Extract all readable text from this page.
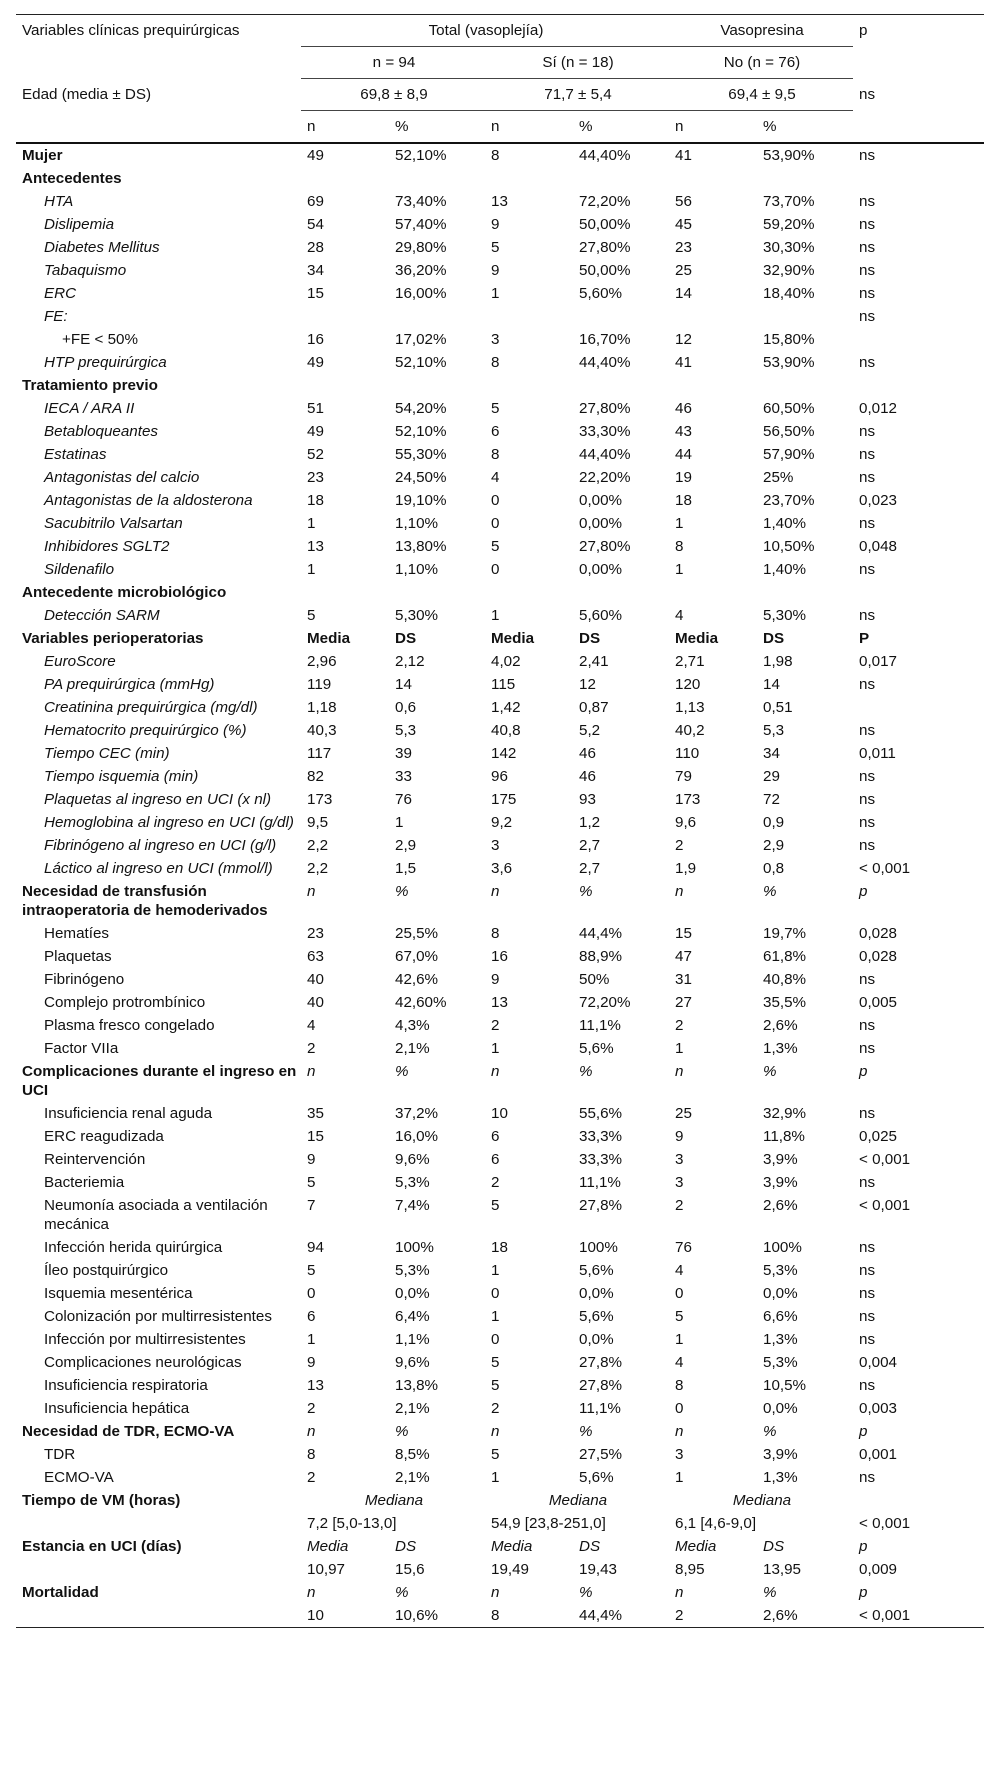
Variables clínicas prequirúrgicas	Total (vasoplejía)				Vasopresina		p
	n = 94		Sí (n = 18)		No (n = 76)		
Edad (media ± DS)	69,8 ± 8,9		71,7 ± 5,4		69,4 ± 9,5		ns
	n	%	n	%	n	%	
Mujer	49	52,10%	8	44,40%	41	53,90%	ns
Antecedentes							
HTA	69	73,40%	13	72,20%	56	73,70%	ns
Dislipemia	54	57,40%	9	50,00%	45	59,20%	ns
Diabetes Mellitus	28	29,80%	5	27,80%	23	30,30%	ns
Tabaquismo	34	36,20%	9	50,00%	25	32,90%	ns
ERC	15	16,00%	1	5,60%	14	18,40%	ns
FE:							ns
+FE < 50%	16	17,02%	3	16,70%	12	15,80%	
HTP prequirúrgica	49	52,10%	8	44,40%	41	53,90%	ns
Tratamiento previo							
IECA / ARA II	51	54,20%	5	27,80%	46	60,50%	0,012
Betabloqueantes	49	52,10%	6	33,30%	43	56,50%	ns
Estatinas	52	55,30%	8	44,40%	44	57,90%	ns
Antagonistas del calcio	23	24,50%	4	22,20%	19	25%	ns
Antagonistas de la aldosterona	18	19,10%	0	0,00%	18	23,70%	0,023
Sacubitrilo Valsartan	1	1,10%	0	0,00%	1	1,40%	ns
Inhibidores SGLT2	13	13,80%	5	27,80%	8	10,50%	0,048
Sildenafilo	1	1,10%	0	0,00%	1	1,40%	ns
Antecedente microbiológico							
Detección SARM	5	5,30%	1	5,60%	4	5,30%	ns
Variables perioperatorias	Media	DS	Media	DS	Media	DS	P
EuroScore	2,96	2,12	4,02	2,41	2,71	1,98	0,017
PA prequirúrgica (mmHg)	119	14	115	12	120	14	ns
Creatinina prequirúrgica (mg/dl)	1,18	0,6	1,42	0,87	1,13	0,51	
Hematocrito prequirúrgico (%)	40,3	5,3	40,8	5,2	40,2	5,3	ns
Tiempo CEC (min)	117	39	142	46	110	34	0,011
Tiempo isquemia (min)	82	33	96	46	79	29	ns
Plaquetas al ingreso en UCI (x nl)	173	76	175	93	173	72	ns
Hemoglobina al ingreso en UCI (g/dl)	9,5	1	9,2	1,2	9,6	0,9	ns
Fibrinógeno al ingreso en UCI (g/l)	2,2	2,9	3	2,7	2	2,9	ns
Láctico al ingreso en UCI (mmol/l)	2,2	1,5	3,6	2,7	1,9	0,8	< 0,001
Necesidad de transfusión intraoperatoria de hemoderivados	n	%	n	%	n	%	p
Hematíes	23	25,5%	8	44,4%	15	19,7%	0,028
Plaquetas	63	67,0%	16	88,9%	47	61,8%	0,028
Fibrinógeno	40	42,6%	9	50%	31	40,8%	ns
Complejo protrombínico	40	42,60%	13	72,20%	27	35,5%	0,005
Plasma fresco congelado	4	4,3%	2	11,1%	2	2,6%	ns
Factor VIIa	2	2,1%	1	5,6%	1	1,3%	ns
Complicaciones durante el ingreso en UCI	n	%	n	%	n	%	p
Insuficiencia renal aguda	35	37,2%	10	55,6%	25	32,9%	ns
ERC reagudizada	15	16,0%	6	33,3%	9	11,8%	0,025
Reintervención	9	9,6%	6	33,3%	3	3,9%	< 0,001
Bacteriemia	5	5,3%	2	11,1%	3	3,9%	ns
Neumonía asociada a ventilación mecánica	7	7,4%	5	27,8%	2	2,6%	< 0,001
Infección herida quirúrgica	94	100%	18	100%	76	100%	ns
Íleo postquirúrgico	5	5,3%	1	5,6%	4	5,3%	ns
Isquemia mesentérica	0	0,0%	0	0,0%	0	0,0%	ns
Colonización por multirresistentes	6	6,4%	1	5,6%	5	6,6%	ns
Infección por multirresistentes	1	1,1%	0	0,0%	1	1,3%	ns
Complicaciones neurológicas	9	9,6%	5	27,8%	4	5,3%	0,004
Insuficiencia respiratoria	13	13,8%	5	27,8%	8	10,5%	ns
Insuficiencia hepática	2	2,1%	2	11,1%	0	0,0%	0,003
Necesidad de TDR, ECMO-VA	n	%	n	%	n	%	p
TDR	8	8,5%	5	27,5%	3	3,9%	0,001
ECMO-VA	2	2,1%	1	5,6%	1	1,3%	ns
Tiempo de VM (horas)	Mediana		Mediana		Mediana		
	7,2 [5,0-13,0]		54,9 [23,8-251,0]		6,1 [4,6-9,0]		< 0,001
Estancia en UCI (días)	Media	DS	Media	DS	Media	DS	p
	10,97	15,6	19,49	19,43	8,95	13,95	0,009
Mortalidad	n	%	n	%	n	%	p
	10	10,6%	8	44,4%	2	2,6%	< 0,001
